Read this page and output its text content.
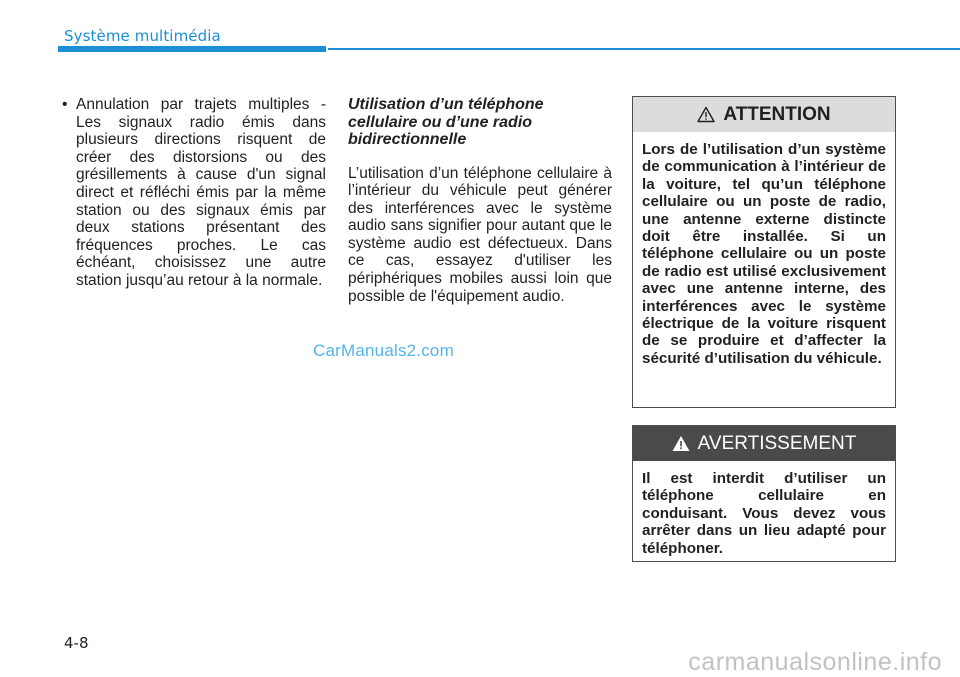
Système multimédia
• Annulation par trajets multiples - Les signaux radio émis dans plusieurs directions risquent de créer des distorsions ou des grésillements à cause d'un signal direct et réfléchi émis par la même station ou des signaux émis par deux stations présentant des fréquences proches. Le cas échéant, choisissez une autre station jusqu’au retour à la normale.
Utilisation d’un téléphone cellulaire ou d’une radio bidirectionnelle
L’utilisation d’un téléphone cellulaire à l’intérieur du véhicule peut générer des interférences avec le système audio sans signifier pour autant que le système audio est défectueux. Dans ce cas, essayez d'utiliser les périphériques mobiles aussi loin que possible de l'équipement audio.
ATTENTION
Lors de l’utilisation d’un système de communication à l’intérieur de la voiture, tel qu’un téléphone cellulaire ou un poste de radio, une antenne externe distincte doit être installée. Si un téléphone cellulaire ou un poste de radio est utilisé exclusivement avec une antenne interne, des interférences avec le système électrique de la voiture risquent de se produire et d’affecter la sécurité d’utilisation du véhicule.
AVERTISSEMENT
Il est interdit d’utiliser un téléphone cellulaire en conduisant. Vous devez vous arrêter dans un lieu adapté pour téléphoner.
CarManuals2.com
4-8
carmanualsonline.info
